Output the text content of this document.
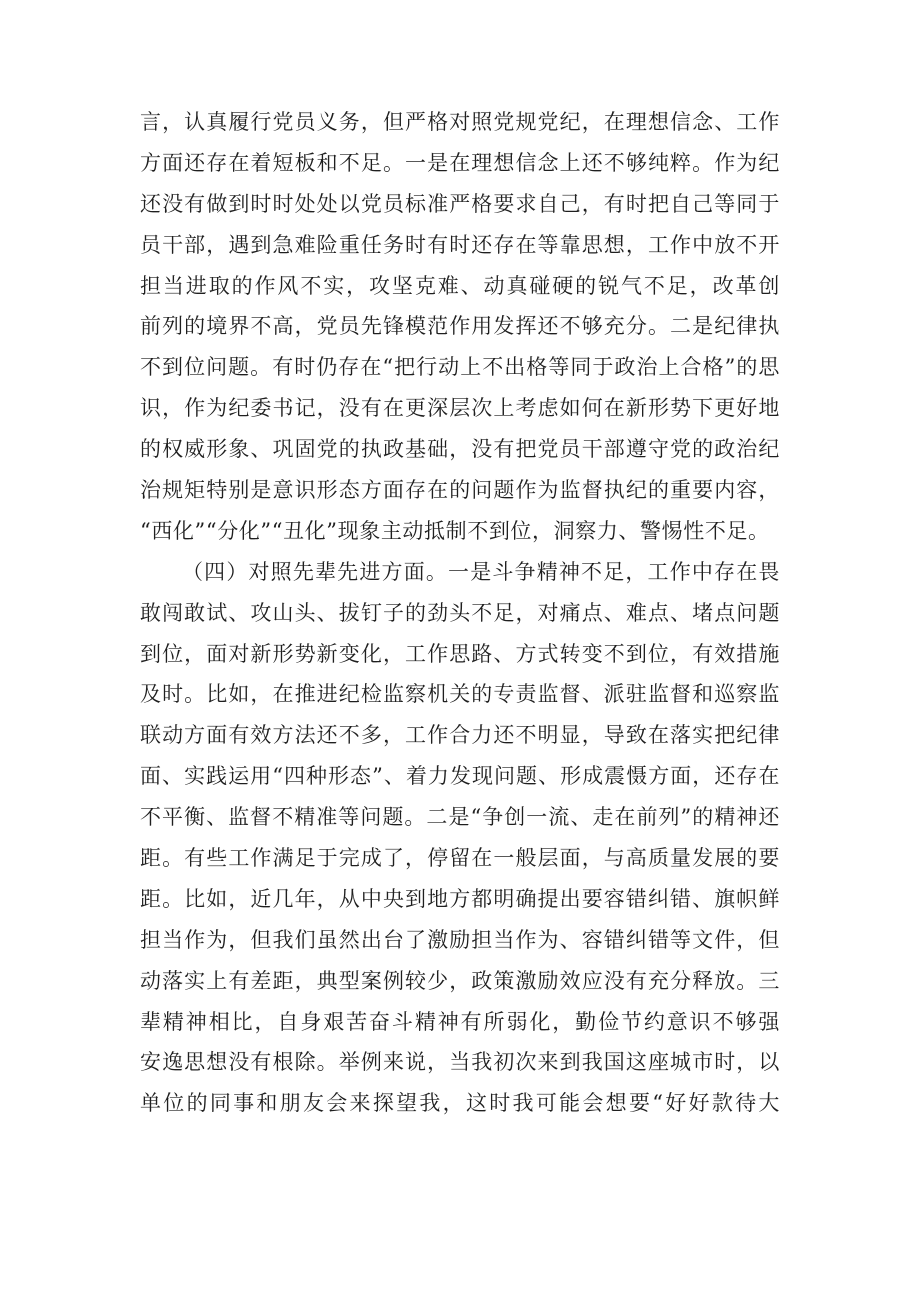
言，认真履行党员义务，但严格对照党规党纪，在理想信念、工作
方面还存在着短板和不足。一是在理想信念上还不够纯粹。作为纪
还没有做到时时处处以党员标准严格要求自己，有时把自己等同于
员干部，遇到急难险重任务时有时还存在等靠思想，工作中放不开
担当进取的作风不实，攻坚克难、动真碰硬的锐气不足，改革创
前列的境界不高，党员先锋模范作用发挥还不够充分。二是纪律执
不到位问题。有时仍存在“把行动上不出格等同于政治上合格”的思
识，作为纪委书记，没有在更深层次上考虑如何在新形势下更好地
的权威形象、巩固党的执政基础，没有把党员干部遵守党的政治纪
治规矩特别是意识形态方面存在的问题作为监督执纪的重要内容，
“西化”“分化”“丑化”现象主动抵制不到位，洞察力、警惕性不足。
（四）对照先辈先进方面。一是斗争精神不足，工作中存在畏
敢闯敢试、攻山头、拔钉子的劲头不足，对痛点、难点、堵点问题
到位，面对新形势新变化，工作思路、方式转变不到位，有效措施
及时。比如，在推进纪检监察机关的专责监督、派驻监督和巡察监
联动方面有效方法还不多，工作合力还不明显，导致在落实把纪律
面、实践运用“四种形态”、着力发现问题、形成震慑方面，还存在
不平衡、监督不精准等问题。二是“争创一流、走在前列”的精神还
距。有些工作满足于完成了，停留在一般层面，与高质量发展的要
距。比如，近几年，从中央到地方都明确提出要容错纠错、旗帜鲜
担当作为，但我们虽然出台了激励担当作为、容错纠错等文件，但
动落实上有差距，典型案例较少，政策激励效应没有充分释放。三
辈精神相比，自身艰苦奋斗精神有所弱化，勤俭节约意识不够强
安逸思想没有根除。举例来说，当我初次来到我国这座城市时，以
单位的同事和朋友会来探望我，这时我可能会想要“好好款待大
